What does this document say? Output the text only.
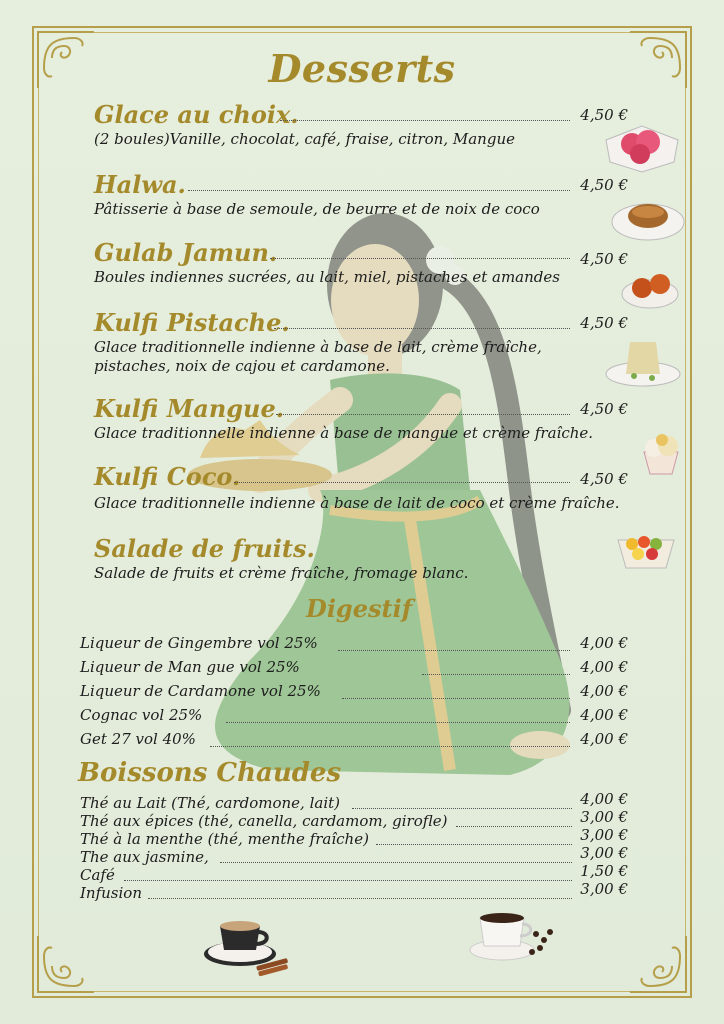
Desserts
Glace au choix.	4,50 €
(2 boules)Vanille, chocolat, café, fraise, citron, Mangue
Halwa.	4,50 €
Pâtisserie à base de semoule, de beurre et de noix de coco
Gulab Jamun.	4,50 €
Boules indiennes sucrées, au lait, miel, pistaches et amandes
Kulfi Pistache.	4,50 €
Glace traditionnelle indienne à base de lait, crème fraîche,
pistaches, noix de cajou et cardamone.
Kulfi Mangue.	4,50 €
Glace traditionnelle indienne à base de mangue et crème fraîche.
Kulfi Coco.	4,50 €
Glace traditionnelle indienne à base de lait de coco et crème fraîche.
Salade de fruits.
Salade de fruits et crème fraîche, fromage blanc.
Digestif
Liqueur de Gingembre vol 25%	4,00 €
Liqueur de Man gue vol 25%	4,00 €
Liqueur de Cardamone vol 25%	4,00 €
Cognac vol 25%	4,00 €
Get 27 vol 40%	4,00 €
Boissons Chaudes
Thé au Lait (Thé, cardomone, lait)	4,00 €
Thé aux épices (thé, canella, cardamom, girofle)	3,00 €
Thé à la menthe (thé, menthe fraîche)	3,00 €
The aux jasmine,	3,00 €
Café	1,50 €
Infusion	3,00 €
